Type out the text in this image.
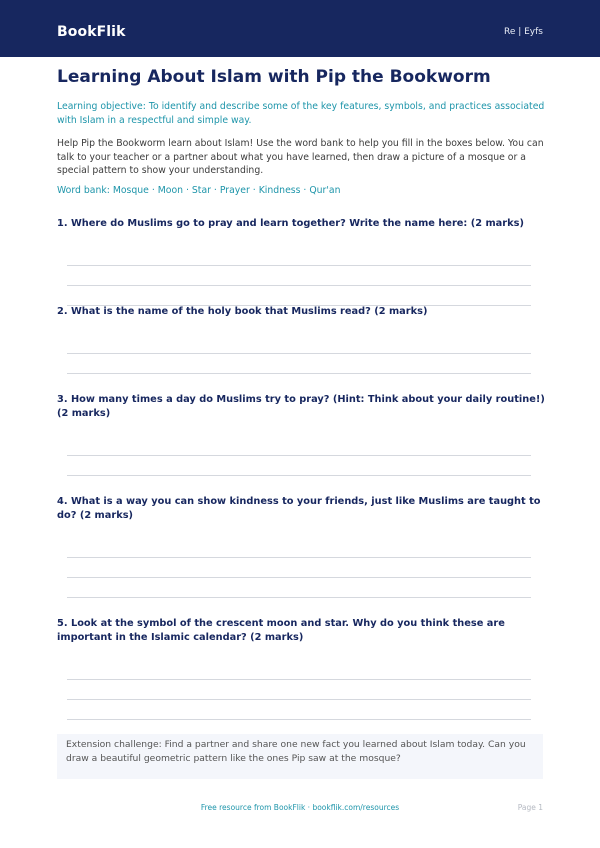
BookFlik	Re | Eyfs
Learning About Islam with Pip the Bookworm
Learning objective: To identify and describe some of the key features, symbols, and practices associated with Islam in a respectful and simple way.
Help Pip the Bookworm learn about Islam! Use the word bank to help you fill in the boxes below. You can talk to your teacher or a partner about what you have learned, then draw a picture of a mosque or a special pattern to show your understanding.
Word bank: Mosque · Moon · Star · Prayer · Kindness · Qur'an
1. Where do Muslims go to pray and learn together? Write the name here: (2 marks)
2. What is the name of the holy book that Muslims read? (2 marks)
3. How many times a day do Muslims try to pray? (Hint: Think about your daily routine!) (2 marks)
4. What is a way you can show kindness to your friends, just like Muslims are taught to do? (2 marks)
5. Look at the symbol of the crescent moon and star. Why do you think these are important in the Islamic calendar? (2 marks)
Extension challenge: Find a partner and share one new fact you learned about Islam today. Can you draw a beautiful geometric pattern like the ones Pip saw at the mosque?
Free resource from BookFlik · bookflik.com/resources	Page 1
